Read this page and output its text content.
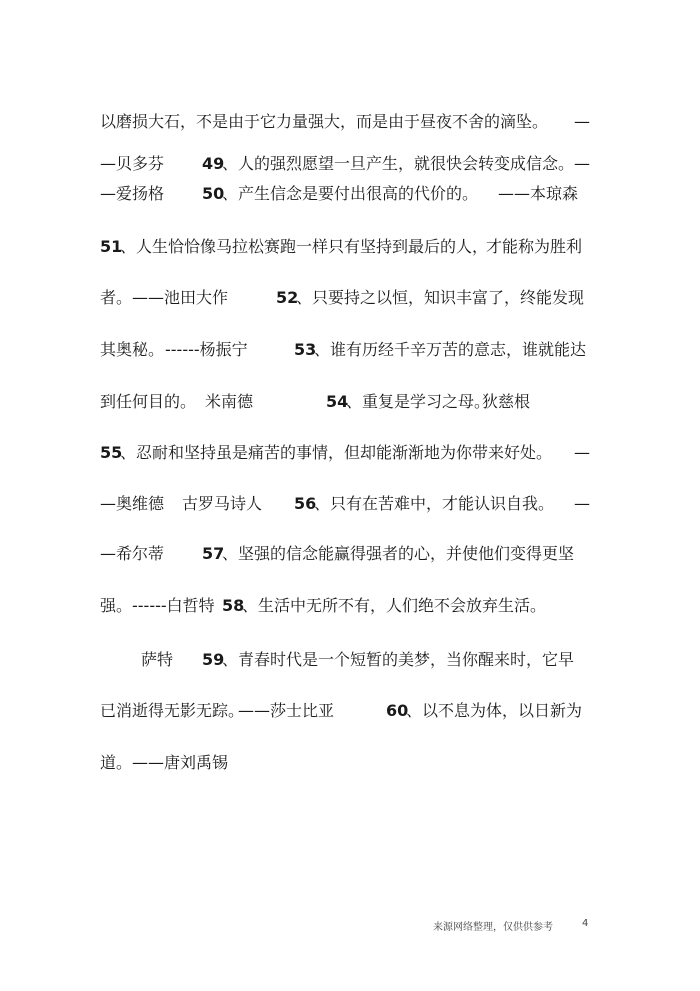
以磨损大石，不是由于它力量强大，而是由于昼夜不舍的滴坠。 —
—贝多芬 49
、人的强烈愿望一旦产生，就很快会转变成信念。—
—爱扬格 50
、产生信念是要付出很高的代价的。 ——本琼森
51
、人生恰恰像马拉松赛跑一样只有坚持到最后的人，
才能称为胜利
者。——池田大作	52
、只要持之以恒，知识丰富了，终能发现
其奥秘。 ------杨振宁	53
、谁有历经千辛万苦的意志，谁就能达
到任何目的。 米南德	54
、重复是学习之母。
狄慈根
55
、忍耐和坚持虽是痛苦的事情，但却能渐渐地为你带来好处。 —
—奥维德 古罗马诗人 56
、只有在苦难中，才能认识自我。 —
—希尔蒂 57
、坚强的信念能赢得强者的心，并使他们变得更坚
强。 ------白哲特 58
、生活中无所不有，人们绝不会放弃生活。
萨特 59
、青春时代是一个短暂的美梦，当你醒来时，它早
已消逝得无影无踪。
——莎士比亚	60
、以不息为体，以日新为
道。——唐刘禹锡
来源网络整理，仅供供参考	4
